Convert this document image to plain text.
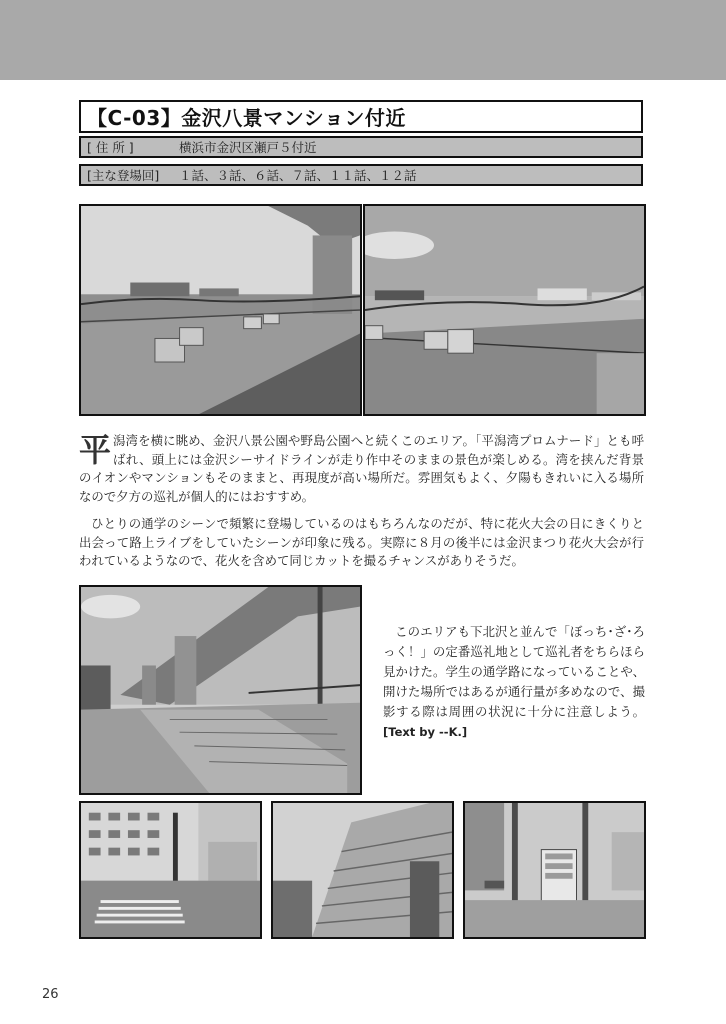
【C-03】金沢八景マンション付近
[ 住 所 ]	横浜市金沢区瀬戸５付近
[主な登場回]	１話、３話、６話、７話、１１話、１２話

平潟湾を横に眺め、金沢八景公園や野島公園へと続くこのエリア。「平潟湾プロムナード」とも呼ばれ、頭上には金沢シーサイドラインが走り作中そのままの景色が楽しめる。湾を挟んだ背景のイオンやマンションもそのままと、再現度が高い場所だ。雰囲気もよく、夕陽もきれいに入る場所なので夕方の巡礼が個人的にはおすすめ。

ひとりの通学のシーンで頻繁に登場しているのはもちろんなのだが、特に花火大会の日にきくりと出会って路上ライブをしていたシーンが印象に残る。実際に８月の後半には金沢まつり花火大会が行われているようなので、花火を含めて同じカットを撮るチャンスがありそうだ。

このエリアも下北沢と並んで「ぼっち･ざ･ろっく！」の定番巡礼地として巡礼者をちらほら見かけた。学生の通学路になっていることや、開けた場所ではあるが通行量が多めなので、撮影する際は周囲の状況に十分に注意しよう。[Text by --K.]

26
